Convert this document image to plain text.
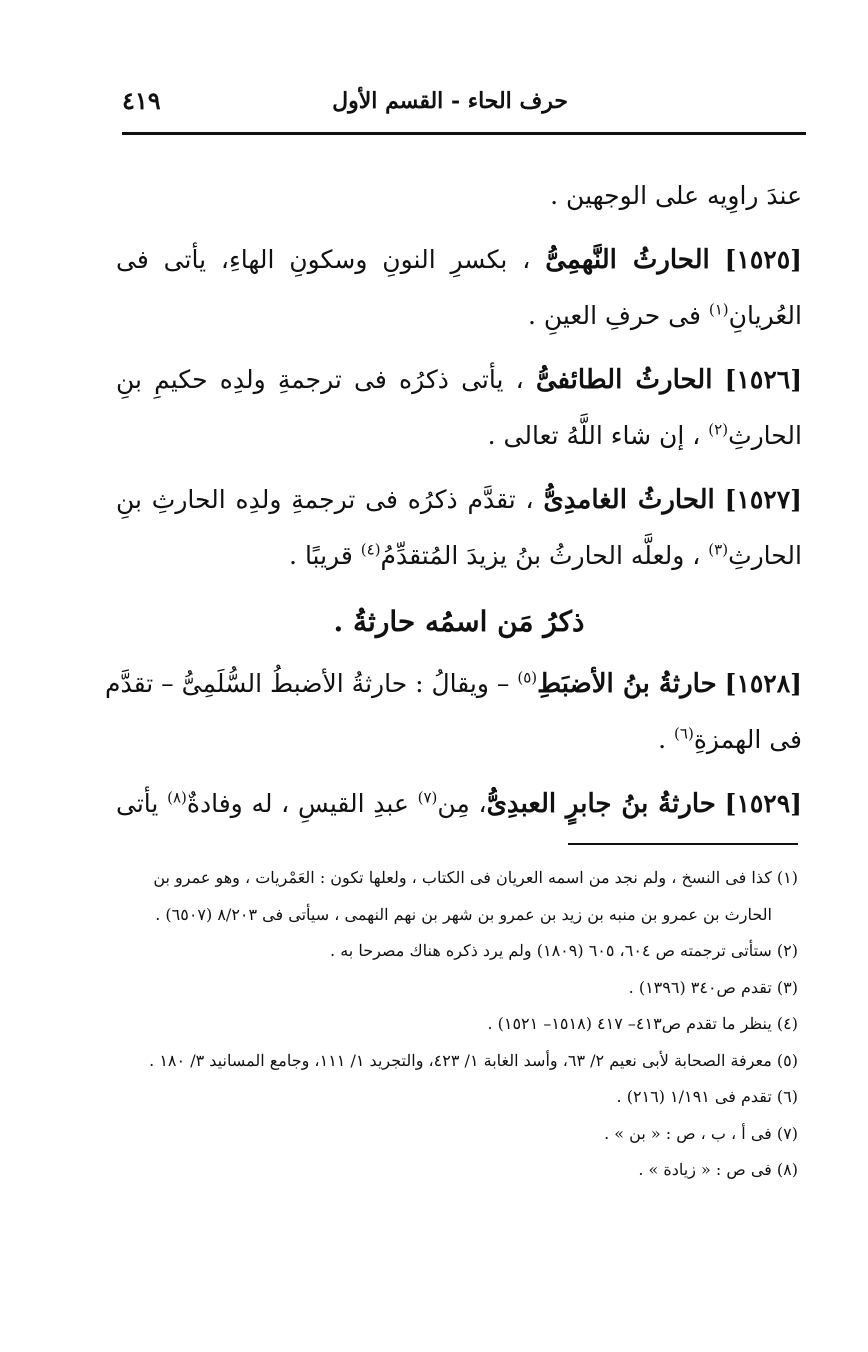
حرف الحاء - القسم الأول
٤١٩
عندَ راوِيه على الوجهين .
[١٥٢٥] الحارثُ النَّهمِىُّ ، بكسرِ النونِ وسكونِ الهاءِ، يأتى فى
العُريانِ$^{(١)}$ فى حرفِ العينِ .
[١٥٢٦] الحارثُ الطائفىُّ ، يأتى ذكرُه فى ترجمةِ ولدِه حكيمِ بنِ
الحارثِ$^{(٢)}$ ، إن شاء اللَّهُ تعالى .
[١٥٢٧] الحارثُ الغامدِىُّ ، تقدَّم ذكرُه فى ترجمةِ ولدِه الحارثِ بنِ
الحارثِ$^{(٣)}$ ، ولعلَّه الحارثُ بنُ يزيدَ المُتقدِّمُ$^{(٤)}$ قريبًا .
ذكرُ مَن اسمُه حارثةُ .
[١٥٢٨] حارثةُ بنُ الأضبَطِ$^{(٥)}$ – ويقالُ : حارثةُ الأضبطُ السُّلَمِىُّ – تقدَّم
فى الهمزةِ$^{(٦)}$ .
[١٥٢٩] حارثةُ بنُ جابرٍ العبدِىُّ، مِن$^{(٧)}$ عبدِ القيسِ ، له وفادةٌ$^{(٨)}$ يأتى
(١) كذا فى النسخ ، ولم نجد من اسمه العريان فى الكتاب ، ولعلها تكون : العَمْريات ، وهو عمرو بن
الحارث بن عمرو بن منبه بن زيد بن عمرو بن شهر بن نهم النهمى ، سيأتى فى ٨/٢٠٣ (٦٥٠٧) .
(٢) ستأتى ترجمته ص ٦٠٤، ٦٠٥ (١٨٠٩) ولم يرد ذكره هناك مصرحا به .
(٣) تقدم ص٣٤٠ (١٣٩٦) .
(٤) ينظر ما تقدم ص٤١٣– ٤١٧ (١٥١٨– ١٥٢١) .
(٥) معرفة الصحابة لأبى نعيم ٢/ ٦٣، وأسد الغابة ١/ ٤٢٣، والتجريد ١/ ١١١، وجامع المسانيد ٣/ ١٨٠ .
(٦) تقدم فى ١/١٩١ (٢١٦) .
(٧) فى أ ، ب ، ص : « بن » .
(٨) فى ص : « زيادة » .
